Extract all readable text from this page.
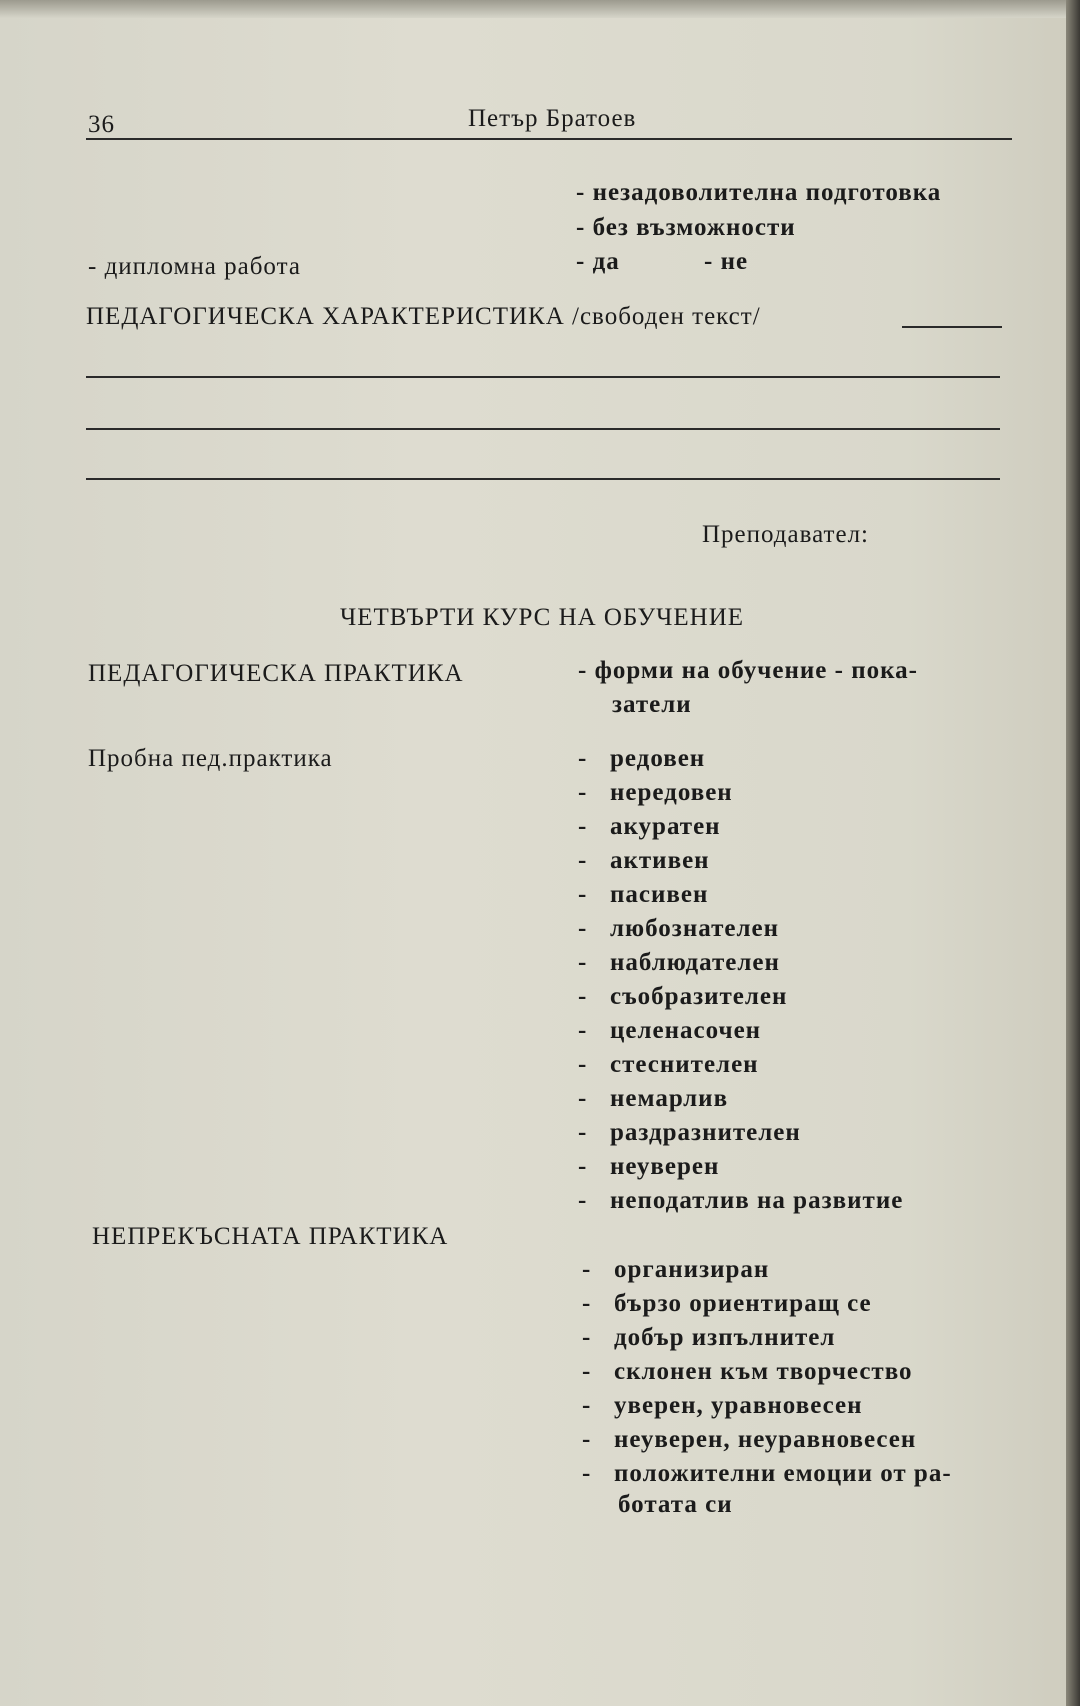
36	Петър Братоев
- незадоволителна подготовка
- без възможности
- дипломна работа	- да	- не
ПЕДАГОГИЧЕСКА ХАРАКТЕРИСТИКА /свободен текст/
Преподавател:
ЧЕТВЪРТИ КУРС НА ОБУЧЕНИЕ
ПЕДАГОГИЧЕСКА ПРАКТИКА	- форми на обучение - пока-
затели
Пробна пед.практика	- редовен
- нередовен
- акуратен
- активен
- пасивен
- любознателен
- наблюдателен
- съобразителен
- целенасочен
- стеснителен
- немарлив
- раздразнителен
- неуверен
- неподатлив на развитие
НЕПРЕКЪСНАТА ПРАКТИКА
- организиран
- бързо ориентиращ се
- добър изпълнител
- склонен към творчество
- уверен, уравновесен
- неуверен, неуравновесен
- положителни емоции от ра-
ботата си
